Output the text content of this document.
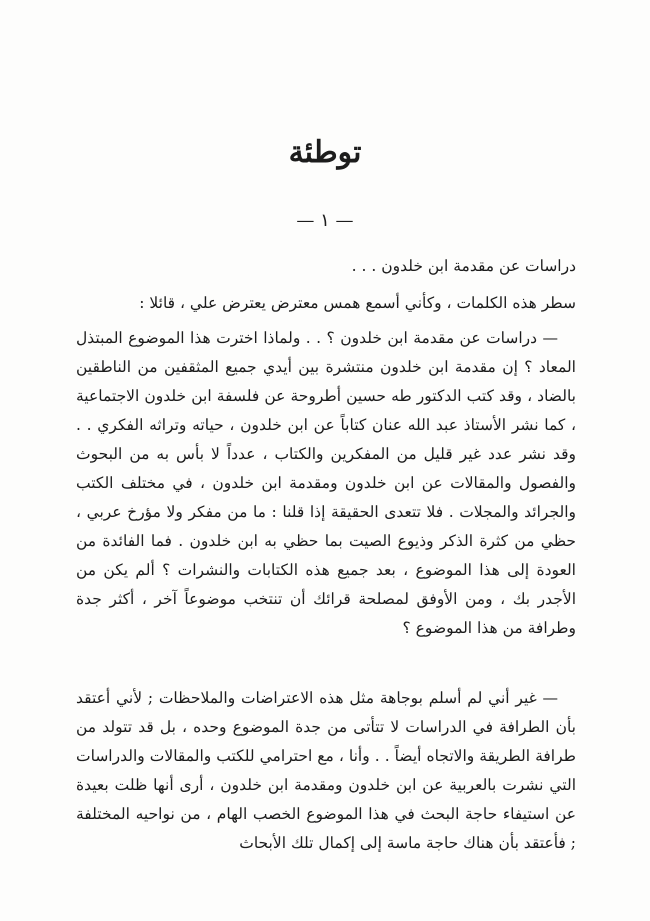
توطئة
— ١ —
دراسات عن مقدمة ابن خلدون . . .
سطر هذه الكلمات ، وكأني أسمع همس معترض يعترض علي ، قائلا :

— دراسات عن مقدمة ابن خلدون ؟ . . ولماذا اخترت هذا الموضوع المبتذل المعاد ؟ إن مقدمة ابن خلدون منتشرة بين أيدي جميع المثقفين من الناطقين بالضاد ، وقد كتب الدكتور طه حسين أطروحة عن فلسفة ابن خلدون الاجتماعية ، كما نشر الأستاذ عبد الله عنان كتاباً عن ابن خلدون ، حياته وتراثه الفكري . . وقد نشر عدد غير قليل من المفكرين والكتاب ، عدداً لا بأس به من البحوث والفصول والمقالات عن ابن خلدون ومقدمة ابن خلدون ، في مختلف الكتب والجرائد والمجلات . فلا تتعدى الحقيقة إذا قلنا : ما من مفكر ولا مؤرخ عربي ، حظي من كثرة الذكر وذيوع الصيت بما حظي به ابن خلدون . فما الفائدة من العودة إلى هذا الموضوع ، بعد جميع هذه الكتابات والنشرات ؟ ألم يكن من الأجدر بك ، ومن الأوفق لمصلحة قرائك أن تنتخب موضوعاً آخر ، أكثر جدة وطرافة من هذا الموضوع ؟

— غير أني لم أسلم بوجاهة مثل هذه الاعتراضات والملاحظات ; لأني أعتقد بأن الطرافة في الدراسات لا تتأتى من جدة الموضوع وحده ، بل قد تتولد من طرافة الطريقة والاتجاه أيضاً . . وأنا ، مع احترامي للكتب والمقالات والدراسات التي نشرت بالعربية عن ابن خلدون ومقدمة ابن خلدون ، أرى أنها ظلت بعيدة عن استيفاء حاجة البحث في هذا الموضوع الخصب الهام ، من نواحيه المختلفة ; فأعتقد بأن هناك حاجة ماسة إلى إكمال تلك الأبحاث
